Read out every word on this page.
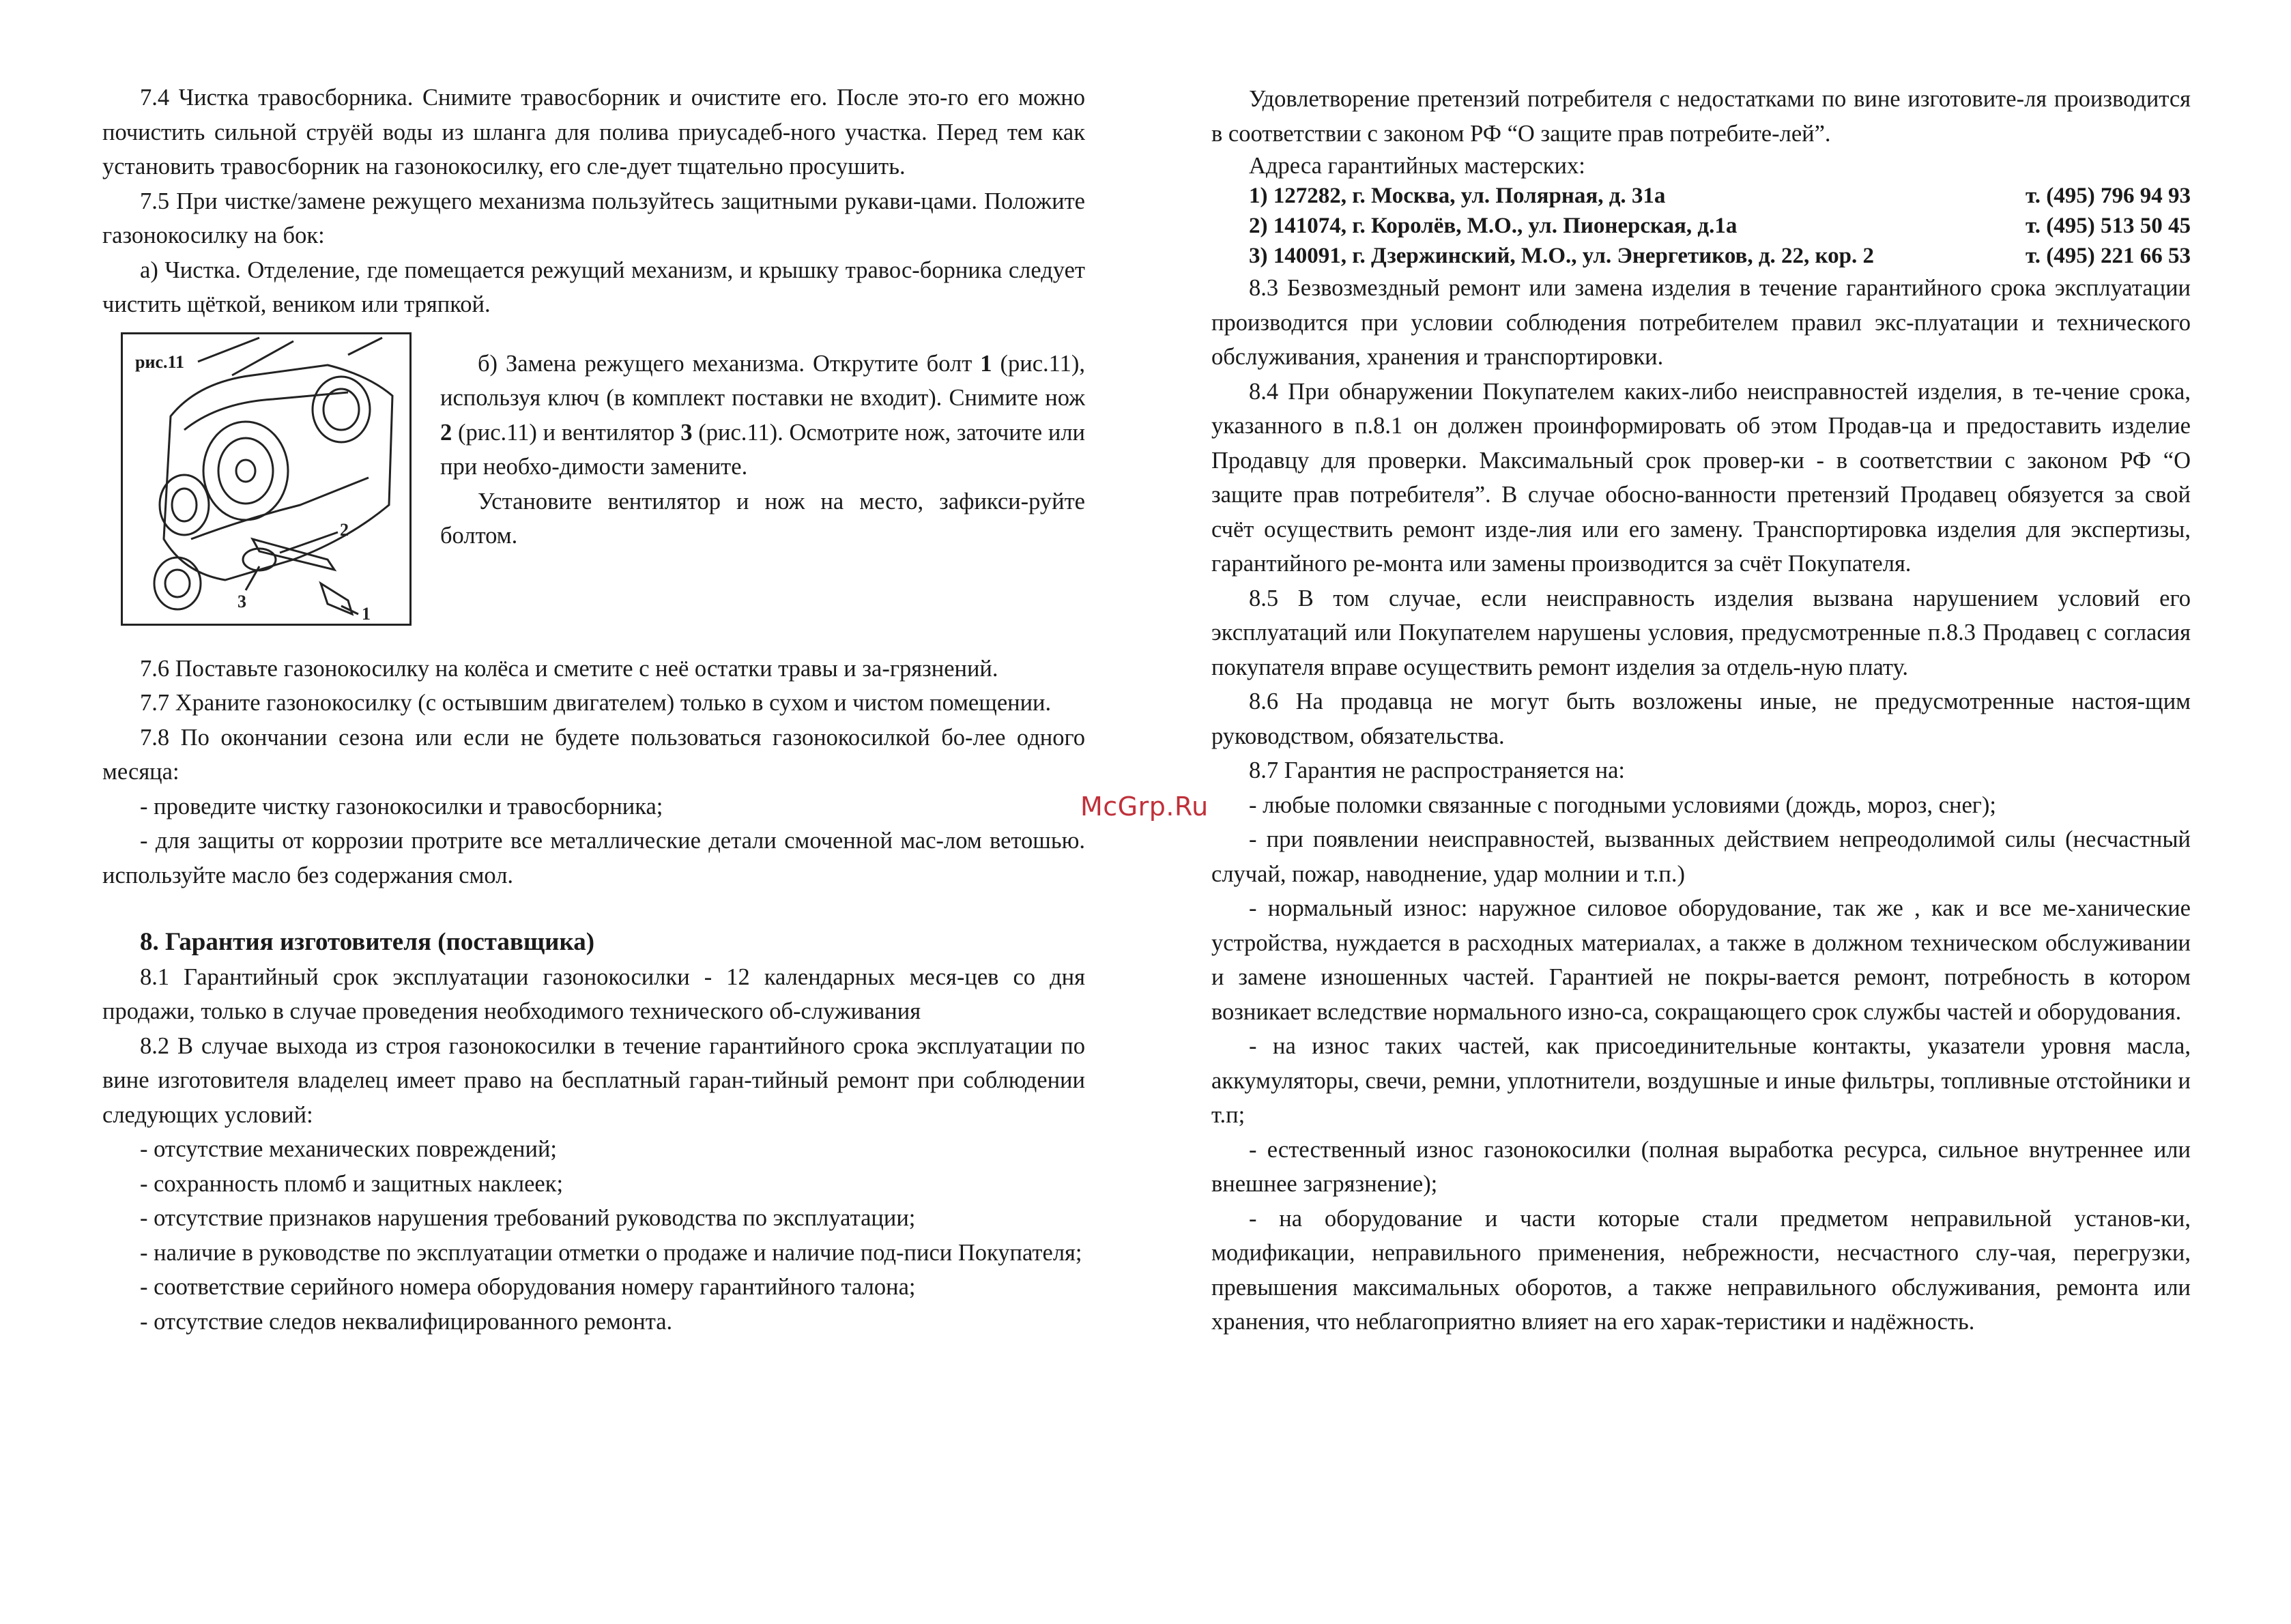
7.4 Чистка травосборника. Снимите травосборник и очистите его. После это-го его можно почистить сильной струёй воды из шланга для полива приусадеб-ного участка. Перед тем как установить травосборник на газонокосилку, его сле-дует тщательно просушить.

7.5 При чистке/замене режущего механизма пользуйтесь защитными рукави-цами. Положите газонокосилку на бок:

а) Чистка. Отделение, где помещается режущий механизм, и крышку травос-борника следует чистить щёткой, веником или тряпкой.

2
3
1
рис.11	б) Замена режущего механизма. Открутите болт 1 (рис.11), используя ключ (в комплект поставки не входит). Снимите нож 2 (рис.11) и вентилятор 3 (рис.11). Осмотрите нож, заточите или при необхо-димости замените.

Установите вентилятор и нож на место, зафикси-руйте болтом.

7.6 Поставьте газонокосилку на колёса и сметите с неё остатки травы и за-грязнений.

7.7 Храните газонокосилку (с остывшим двигателем) только в сухом и чистом помещении.

7.8 По окончании сезона или если не будете пользоваться газонокосилкой бо-лее одного месяца:

- проведите чистку газонокосилки и травосборника;

- для защиты от коррозии протрите все металлические детали смоченной мас-лом ветошью. используйте масло без содержания смол.

8. Гарантия изготовителя (поставщика)

8.1 Гарантийный срок эксплуатации газонокосилки - 12 календарных меся-цев со дня продажи, только в случае проведения необходимого технического об-служивания

8.2 В случае выхода из строя газонокосилки в течение гарантийного срока эксплуатации по вине изготовителя владелец имеет право на бесплатный гаран-тийный ремонт при соблюдении следующих условий:

- отсутствие механических повреждений;

- сохранность пломб и защитных наклеек;

- отсутствие признаков нарушения требований руководства по эксплуатации;

- наличие в руководстве по эксплуатации отметки о продаже и наличие под-писи Покупателя;

- соответствие серийного номера оборудования номеру гарантийного талона;

- отсутствие следов неквалифицированного ремонта.

Удовлетворение претензий потребителя с недостатками по вине изготовите-ля производится в соответствии с законом РФ “О защите прав потребите-лей”.

Адреса гарантийных мастерских:

1) 127282, г. Москва, ул. Полярная, д. 31а	т. (495) 796 94 93
2) 141074, г. Королёв, М.О., ул. Пионерская, д.1а	т. (495) 513 50 45
3) 140091, г. Дзержинский, М.О., ул. Энергетиков, д. 22, кор. 2	т. (495) 221 66 53

8.3 Безвозмездный ремонт или замена изделия в течение гарантийного срока эксплуатации производится при условии соблюдения потребителем правил экс-плуатации и технического обслуживания, хранения и транспортировки.

8.4 При обнаружении Покупателем каких-либо неисправностей изделия, в те-чение срока, указанного в п.8.1 он должен проинформировать об этом Продав-ца и предоставить изделие Продавцу для проверки. Максимальный срок провер-ки - в соответствии с законом РФ “О защите прав потребителя”. В случае обосно-ванности претензий Продавец обязуется за свой счёт осуществить ремонт изде-лия или его замену. Транспортировка изделия для экспертизы, гарантийного ре-монта или замены производится за счёт Покупателя.

8.5 В том случае, если неисправность изделия вызвана нарушением условий его эксплуатаций или Покупателем нарушены условия, предусмотренные п.8.3 Продавец с согласия покупателя вправе осуществить ремонт изделия за отдель-ную плату.

8.6 На продавца не могут быть возложены иные, не предусмотренные настоя-щим руководством, обязательства.

8.7 Гарантия не распространяется на:

- любые поломки связанные с погодными условиями (дождь, мороз, снег);

- при появлении неисправностей, вызванных действием непреодолимой силы (несчастный случай, пожар, наводнение, удар молнии и т.п.)

- нормальный износ: наружное силовое оборудование, так же , как и все ме-ханические устройства, нуждается в расходных материалах, а также в должном техническом обслуживании и замене изношенных частей. Гарантией не покры-вается ремонт, потребность в котором возникает вследствие нормального изно-са, сокращающего срок службы частей и оборудования.

- на износ таких частей, как присоединительные контакты, указатели уровня масла, аккумуляторы, свечи, ремни, уплотнители, воздушные и иные фильтры, топливные отстойники и т.п;

- естественный износ газонокосилки (полная выработка ресурса, сильное внутреннее или внешнее загрязнение);

- на оборудование и части которые стали предметом неправильной установ-ки, модификации, неправильного применения, небрежности, несчастного слу-чая, перегрузки, превышения максимальных оборотов, а также неправильного обслуживания, ремонта или хранения, что неблагоприятно влияет на его харак-теристики и надёжность.

McGrp.Ru
